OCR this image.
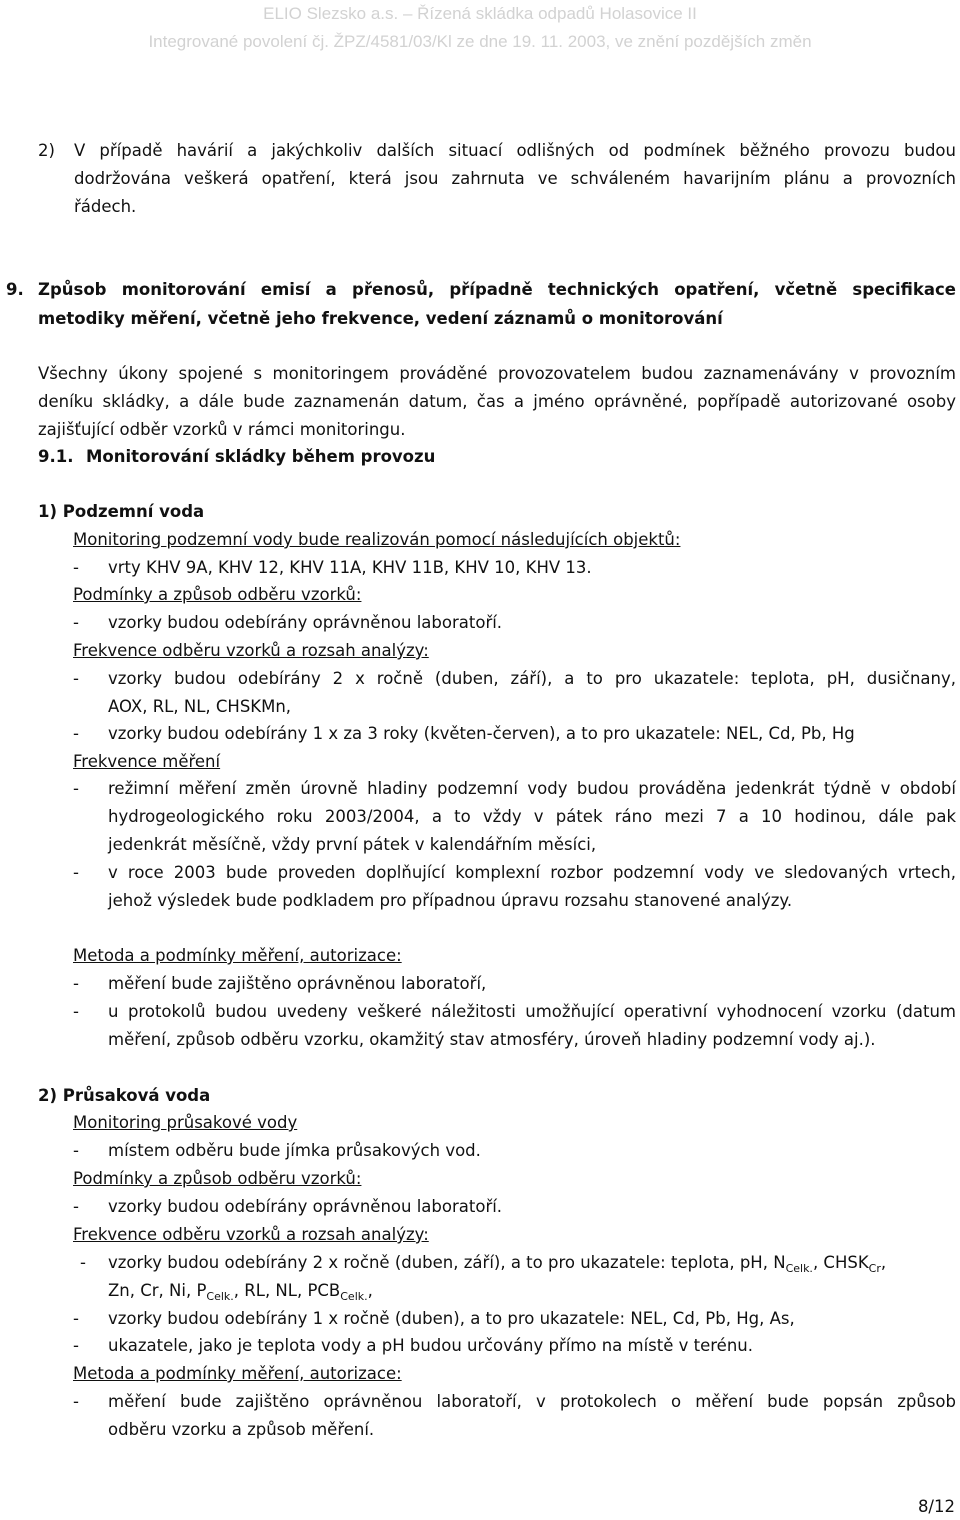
ELIO Slezsko a.s. – Řízená skládka odpadů Holasovice II
Integrované povolení čj. ŽPZ/4581/03/Kl ze dne 19. 11. 2003, ve znění pozdějších změn
2) V případě havárií a jakýchkoliv dalších situací odlišných od podmínek běžného provozu budou
dodržována veškerá opatření, která jsou zahrnuta ve schváleném havarijním plánu a provozních
řádech.
9. Způsob monitorování emisí a přenosů, případně technických opatření, včetně specifikace
metodiky měření, včetně jeho frekvence, vedení záznamů o monitorování
Všechny úkony spojené s monitoringem prováděné provozovatelem budou zaznamenávány v provozním
deníku skládky, a dále bude zaznamenán datum, čas a jméno oprávněné, popřípadě autorizované osoby
zajišťující odběr vzorků v rámci monitoringu.
9.1. Monitorování skládky během provozu
1) Podzemní voda
Monitoring podzemní vody bude realizován pomocí následujících objektů:
- vrty KHV 9A, KHV 12, KHV 11A, KHV 11B, KHV 10, KHV 13.
Podmínky a způsob odběru vzorků:
- vzorky budou odebírány oprávněnou laboratoří.
Frekvence odběru vzorků a rozsah analýzy:
- vzorky budou odebírány 2 x ročně (duben, září), a to pro ukazatele: teplota, pH, dusičnany,
AOX, RL, NL, CHSKMn,
- vzorky budou odebírány 1 x za 3 roky (květen-červen), a to pro ukazatele: NEL, Cd, Pb, Hg
Frekvence měření
- režimní měření změn úrovně hladiny podzemní vody budou prováděna jedenkrát týdně v období
hydrogeologického roku 2003/2004, a to vždy v pátek ráno mezi 7 a 10 hodinou, dále pak
jedenkrát měsíčně, vždy první pátek v kalendářním měsíci,
- v roce 2003 bude proveden doplňující komplexní rozbor podzemní vody ve sledovaných vrtech,
jehož výsledek bude podkladem pro případnou úpravu rozsahu stanovené analýzy.
Metoda a podmínky měření, autorizace:
- měření bude zajištěno oprávněnou laboratoří,
- u protokolů budou uvedeny veškeré náležitosti umožňující operativní vyhodnocení vzorku (datum
měření, způsob odběru vzorku, okamžitý stav atmosféry, úroveň hladiny podzemní vody aj.).
2) Průsaková voda
Monitoring průsakové vody
- místem odběru bude jímka průsakových vod.
Podmínky a způsob odběru vzorků:
- vzorky budou odebírány oprávněnou laboratoří.
Frekvence odběru vzorků a rozsah analýzy:
- vzorky budou odebírány 2 x ročně (duben, září), a to pro ukazatele: teplota, pH, $N_{Celk.}$, $CHSK_{Cr}$,
Zn, Cr, Ni, $P_{Celk.}$, RL, NL, $PCB_{Celk.}$,
- vzorky budou odebírány 1 x ročně (duben), a to pro ukazatele: NEL, Cd, Pb, Hg, As,
- ukazatele, jako je teplota vody a pH budou určovány přímo na místě v terénu.
Metoda a podmínky měření, autorizace:
- měření bude zajištěno oprávněnou laboratoří, v protokolech o měření bude popsán způsob
odběru vzorku a způsob měření.
8/12
